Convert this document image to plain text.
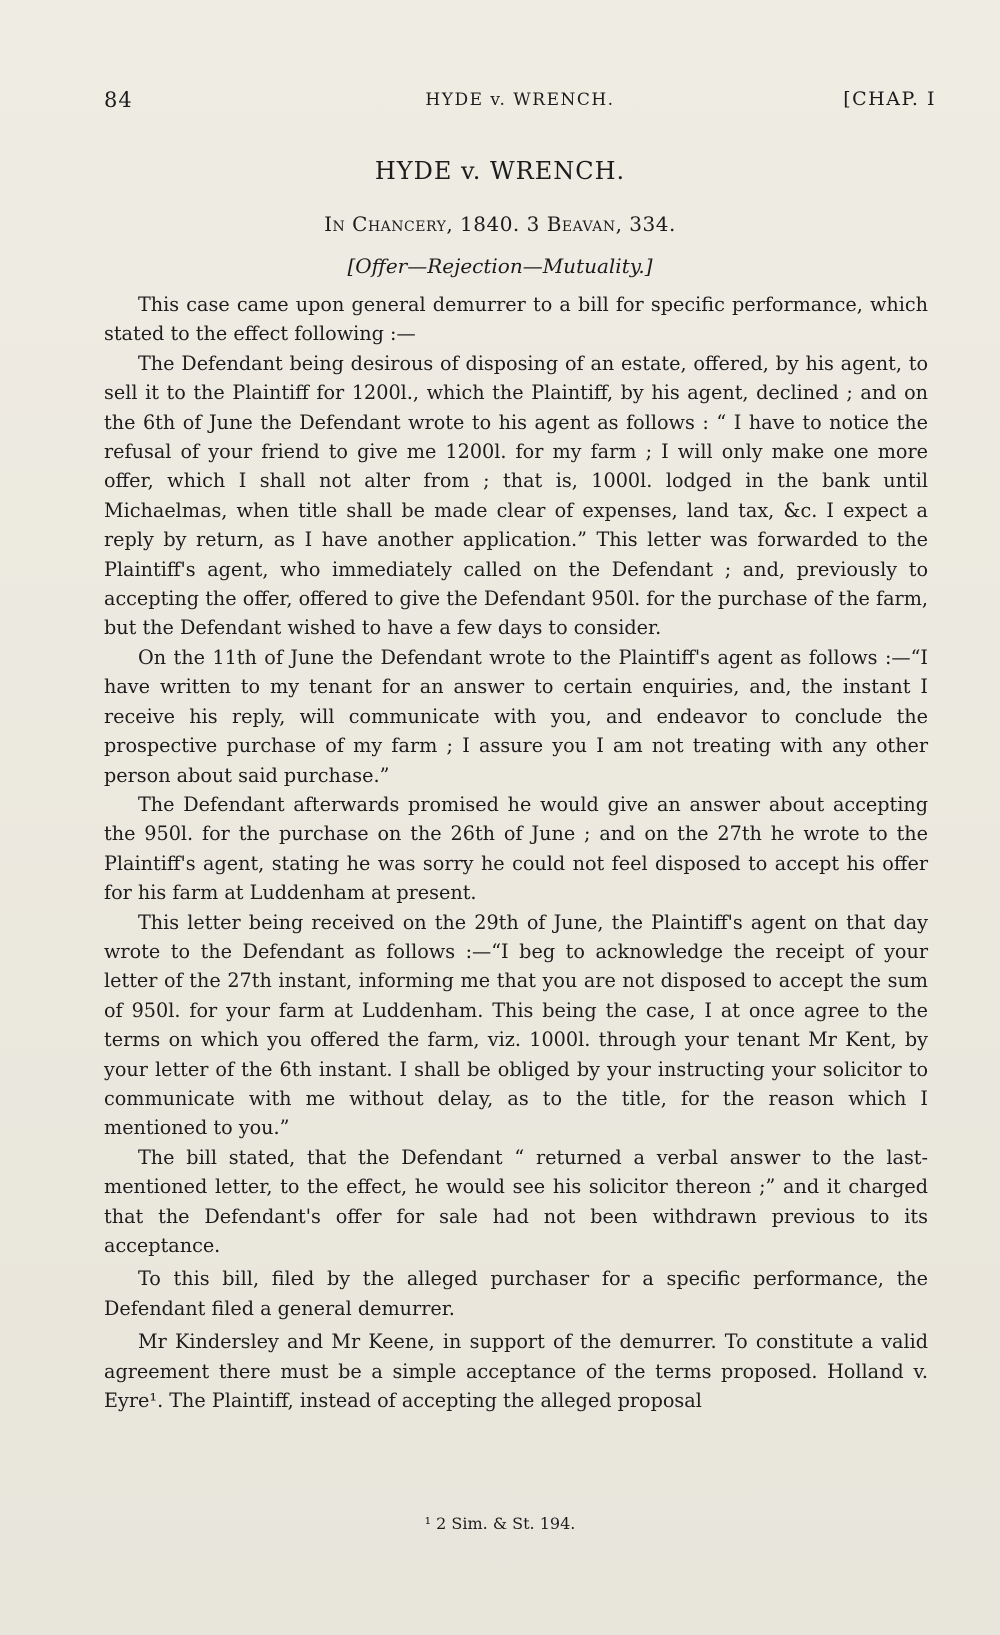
84	HYDE v. WRENCH.	[CHAP. I
HYDE v. WRENCH.
In Chancery, 1840. 3 Beavan, 334.
[Offer—Rejection—Mutuality.]

This case came upon general demurrer to a bill for specific performance, which stated to the effect following :—

The Defendant being desirous of disposing of an estate, offered, by his agent, to sell it to the Plaintiff for 1200l., which the Plaintiff, by his agent, declined ; and on the 6th of June the Defendant wrote to his agent as follows : “ I have to notice the refusal of your friend to give me 1200l. for my farm ; I will only make one more offer, which I shall not alter from ; that is, 1000l. lodged in the bank until Michaelmas, when title shall be made clear of expenses, land tax, &c. I expect a reply by return, as I have another application.” This letter was forwarded to the Plaintiff's agent, who immediately called on the Defendant ; and, previously to accepting the offer, offered to give the Defendant 950l. for the purchase of the farm, but the Defendant wished to have a few days to consider.

On the 11th of June the Defendant wrote to the Plaintiff's agent as follows :—“I have written to my tenant for an answer to certain enquiries, and, the instant I receive his reply, will communicate with you, and endeavor to conclude the prospective purchase of my farm ; I assure you I am not treating with any other person about said purchase.”

The Defendant afterwards promised he would give an answer about accepting the 950l. for the purchase on the 26th of June ; and on the 27th he wrote to the Plaintiff's agent, stating he was sorry he could not feel disposed to accept his offer for his farm at Luddenham at present.

This letter being received on the 29th of June, the Plaintiff's agent on that day wrote to the Defendant as follows :—“I beg to acknowledge the receipt of your letter of the 27th instant, informing me that you are not disposed to accept the sum of 950l. for your farm at Luddenham. This being the case, I at once agree to the terms on which you offered the farm, viz. 1000l. through your tenant Mr Kent, by your letter of the 6th instant. I shall be obliged by your instructing your solicitor to communicate with me without delay, as to the title, for the reason which I mentioned to you.”

The bill stated, that the Defendant “ returned a verbal answer to the last-mentioned letter, to the effect, he would see his solicitor thereon ;” and it charged that the Defendant's offer for sale had not been withdrawn previous to its acceptance.

To this bill, filed by the alleged purchaser for a specific performance, the Defendant filed a general demurrer.

Mr Kindersley and Mr Keene, in support of the demurrer. To constitute a valid agreement there must be a simple acceptance of the terms proposed. Holland v. Eyre¹. The Plaintiff, instead of accepting the alleged proposal

¹ 2 Sim. & St. 194.
